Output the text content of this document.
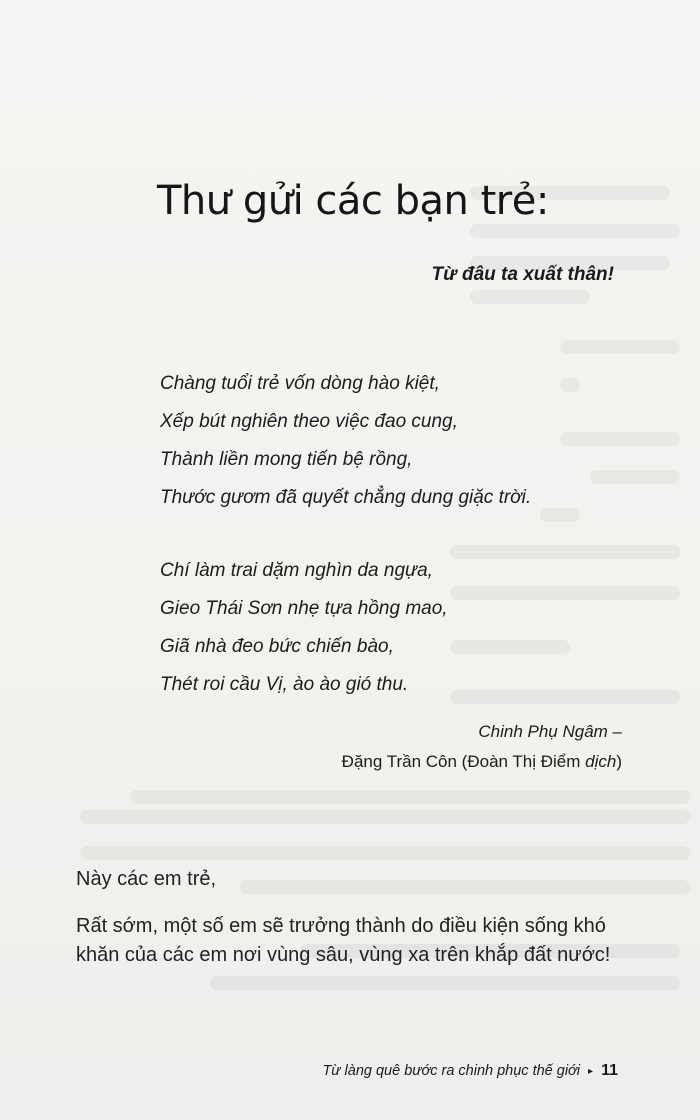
Thư gửi các bạn trẻ:
Từ đâu ta xuất thân!
Chàng tuổi trẻ vốn dòng hào kiệt,
Xếp bút nghiên theo việc đao cung,
Thành liền mong tiến bệ rồng,
Thước gươm đã quyết chẳng dung giặc trời.
Chí làm trai dặm nghìn da ngựa,
Gieo Thái Sơn nhẹ tựa hồng mao,
Giã nhà đeo bức chiến bào,
Thét roi cầu Vị, ào ào gió thu.
Chinh Phụ Ngâm –
Đặng Trần Côn (Đoàn Thị Điểm dịch)

Này các em trẻ,

Rất sớm, một số em sẽ trưởng thành do điều kiện sống khó khăn của các em nơi vùng sâu, vùng xa trên khắp đất nước!

Từ làng quê bước ra chinh phục thế giới ▸ 11
